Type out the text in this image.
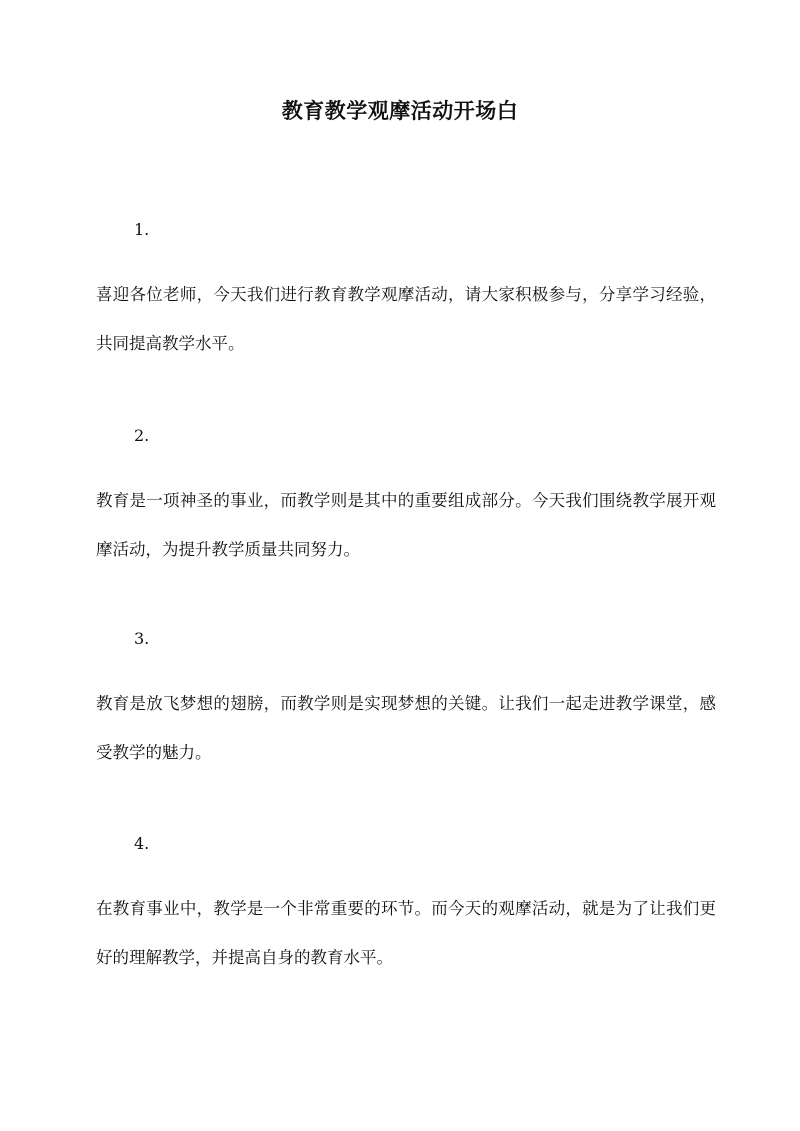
教育教学观摩活动开场白
1.

喜迎各位老师，今天我们进行教育教学观摩活动，请大家积极参与，分享学习经验，共同提高教学水平。

2.

教育是一项神圣的事业，而教学则是其中的重要组成部分。今天我们围绕教学展开观摩活动，为提升教学质量共同努力。

3.

教育是放飞梦想的翅膀，而教学则是实现梦想的关键。让我们一起走进教学课堂，感受教学的魅力。

4.

在教育事业中，教学是一个非常重要的环节。而今天的观摩活动，就是为了让我们更好的理解教学，并提高自身的教育水平。
